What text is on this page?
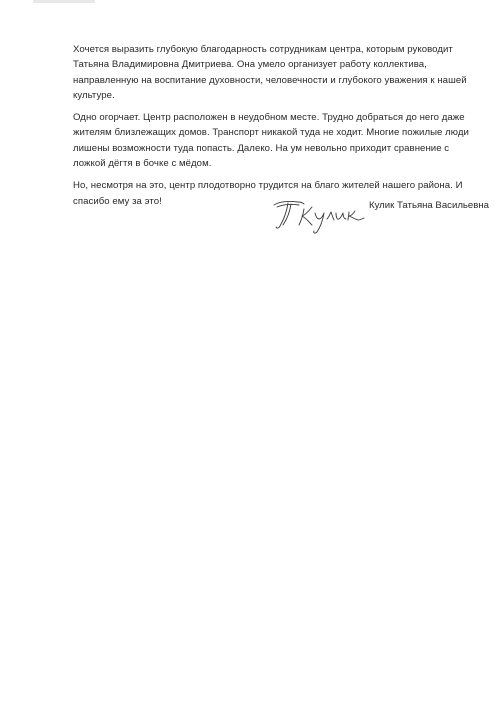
Хочется выразить глубокую благодарность сотрудникам центра, которым руководит Татьяна Владимировна Дмитриева. Она умело организует работу коллектива, направленную на воспитание духовности, человечности и глубокого уважения к нашей культуре.

Одно огорчает. Центр расположен в неудобном месте. Трудно добраться до него даже жителям близлежащих домов. Транспорт никакой туда не ходит. Многие пожилые люди лишены возможности туда попасть. Далеко. На ум невольно приходит сравнение с ложкой дёгтя в бочке с мёдом.

Но, несмотря на это, центр плодотворно трудится на благо жителей нашего района. И спасибо ему за это!	Кулик Татьяна Васильевна
